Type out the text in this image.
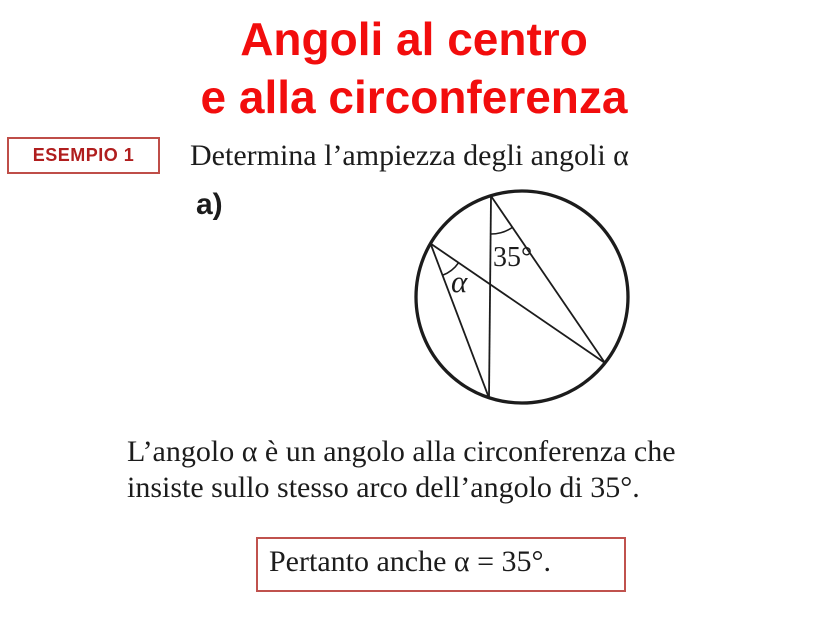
Angoli al centro
e alla circonferenza
ESEMPIO 1 Determina l’ampiezza degli angoli α
a)
35°
α
L’angolo α è un angolo alla circonferenza che
insiste sullo stesso arco dell’angolo di 35°.
Pertanto anche α = 35°.
